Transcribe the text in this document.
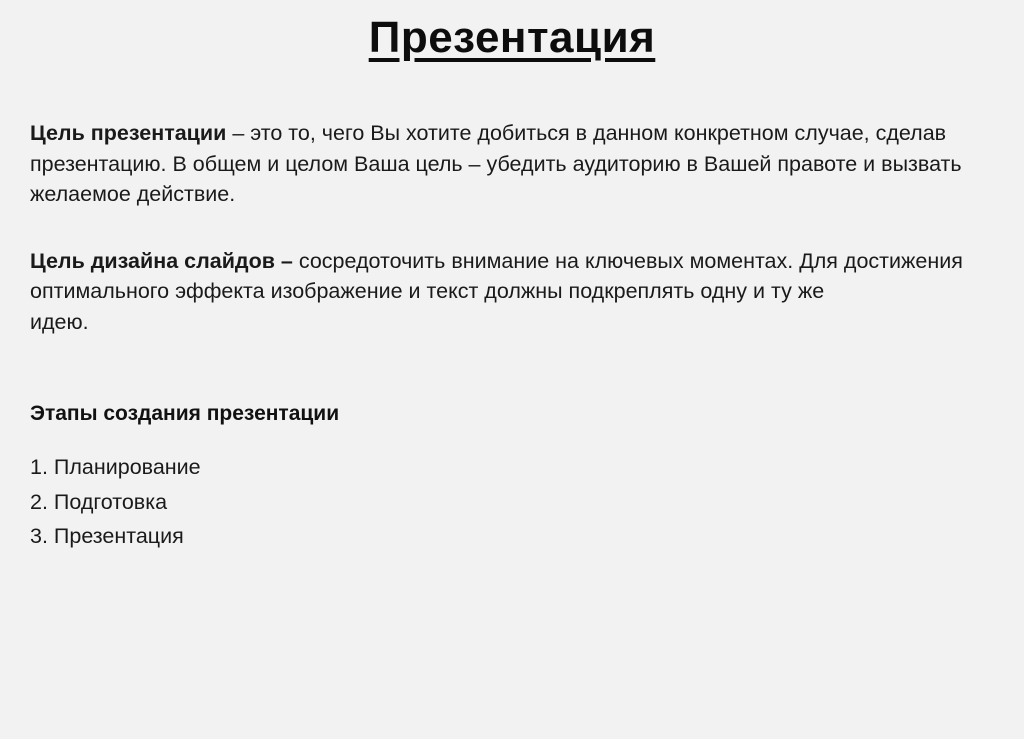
Презентация

Цель презентации – это то, чего Вы хотите добиться в данном конкретном случае, сделав презентацию. В общем и целом Ваша цель – убедить аудиторию в Вашей правоте и вызвать желаемое действие.

Цель дизайна слайдов – сосредоточить внимание на ключевых моментах. Для достижения оптимального эффекта изображение и текст должны подкреплять одну и ту же

идею.

Этапы создания презентации

1. Планирование
2. Подготовка
3. Презентация
